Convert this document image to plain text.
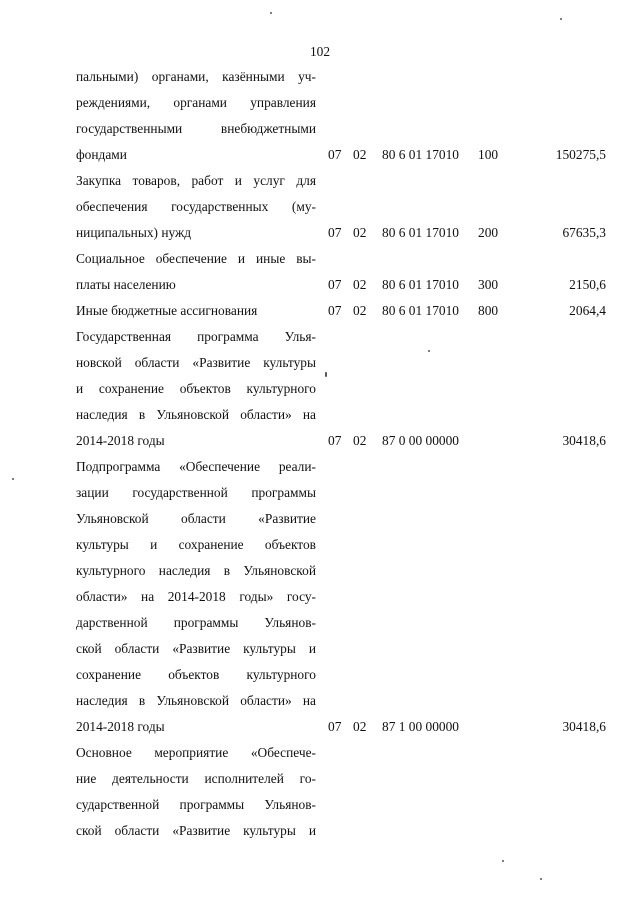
102
пальными) органами, казёнными уч-
реждениями, органами управления
государственными внебюджетными
фондами	07 02 80 6 01 17010 100	150275,5
Закупка товаров, работ и услуг для
обеспечения государственных (му-
ниципальных) нужд	07 02 80 6 01 17010 200	67635,3
Социальное обеспечение и иные вы-
платы населению	07 02 80 6 01 17010 300	2150,6
Иные бюджетные ассигнования	07 02 80 6 01 17010 800	2064,4
Государственная программа Улья-
новской области «Развитие культуры
и сохранение объектов культурного
наследия в Ульяновской области» на
2014-2018 годы	07 02 87 0 00 00000	30418,6
Подпрограмма «Обеспечение реали-
зации государственной программы
Ульяновской области «Развитие
культуры и сохранение объектов
культурного наследия в Ульяновской
области» на 2014-2018 годы» госу-
дарственной программы Ульянов-
ской области «Развитие культуры и
сохранение объектов культурного
наследия в Ульяновской области» на
2014-2018 годы	07 02 87 1 00 00000	30418,6
Основное мероприятие «Обеспече-
ние деятельности исполнителей го-
сударственной программы Ульянов-
ской области «Развитие культуры и
